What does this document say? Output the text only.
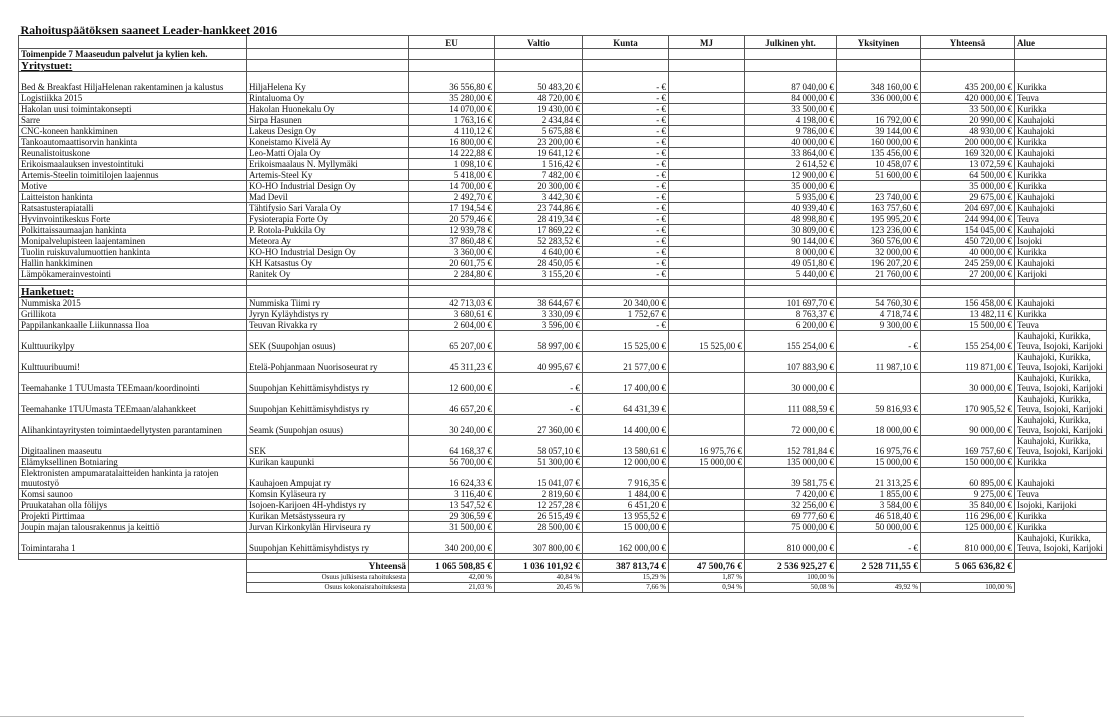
Rahoituspäätöksen saaneet Leader-hankkeet 2016									
		EU	Valtio	Kunta	MJ	Julkinen yht.	Yksityinen	Yhteensä	Alue
Toimenpide 7 Maaseudun palvelut ja kylien keh.									
Yritystuet:									
Bed & Breakfast HiljaHelenan rakentaminen ja kalustus	HiljaHelena Ky	36 556,80 €	50 483,20 €	- €		87 040,00 €	348 160,00 €	435 200,00 €	Kurikka
Logistiikka 2015	Rintaluoma Oy	35 280,00 €	48 720,00 €	- €		84 000,00 €	336 000,00 €	420 000,00 €	Teuva
Hakolan uusi toimintakonsepti	Hakolan Huonekalu Oy	14 070,00 €	19 430,00 €	- €		33 500,00 €		33 500,00 €	Kurikka
Sarre	Sirpa Hasunen	1 763,16 €	2 434,84 €	- €		4 198,00 €	16 792,00 €	20 990,00 €	Kauhajoki
CNC-koneen hankkiminen	Lakeus Design Oy	4 110,12 €	5 675,88 €	- €		9 786,00 €	39 144,00 €	48 930,00 €	Kauhajoki
Tankoautomaattisorvin hankinta	Koneistamo Kivelä Ay	16 800,00 €	23 200,00 €	- €		40 000,00 €	160 000,00 €	200 000,00 €	Kurikka
Reunalistoituskone	Leo-Matti Ojala Oy	14 222,88 €	19 641,12 €	- €		33 864,00 €	135 456,00 €	169 320,00 €	Kauhajoki
Erikoismaalauksen investointituki	Erikoismaalaus N. Myllymäki	1 098,10 €	1 516,42 €	- €		2 614,52 €	10 458,07 €	13 072,59 €	Kauhajoki
Artemis-Steelin toimitilojen laajennus	Artemis-Steel Ky	5 418,00 €	7 482,00 €	- €		12 900,00 €	51 600,00 €	64 500,00 €	Kurikka
Motive	KO-HO Industrial Design Oy	14 700,00 €	20 300,00 €	- €		35 000,00 €		35 000,00 €	Kurikka
Laitteiston hankinta	Mad Devil	2 492,70 €	3 442,30 €	- €		5 935,00 €	23 740,00 €	29 675,00 €	Kauhajoki
Ratsastusterapiatalli	Tähtifysio Sari Varala Oy	17 194,54 €	23 744,86 €	- €		40 939,40 €	163 757,60 €	204 697,00 €	Kauhajoki
Hyvinvointikeskus Forte	Fysioterapia Forte Oy	20 579,46 €	28 419,34 €	- €		48 998,80 €	195 995,20 €	244 994,00 €	Teuva
Polkittaissaumaajan hankinta	P. Rotola-Pukkila Oy	12 939,78 €	17 869,22 €	- €		30 809,00 €	123 236,00 €	154 045,00 €	Kauhajoki
Monipalvelupisteen laajentaminen	Meteora Ay	37 860,48 €	52 283,52 €	- €		90 144,00 €	360 576,00 €	450 720,00 €	Isojoki
Tuolin ruiskuvalumuottien hankinta	KO-HO Industrial Design Oy	3 360,00 €	4 640,00 €	- €		8 000,00 €	32 000,00 €	40 000,00 €	Kurikka
Hallin hankkiminen	KH Katsastus Oy	20 601,75 €	28 450,05 €	- €		49 051,80 €	196 207,20 €	245 259,00 €	Kauhajoki
Lämpökamerainvestointi	Ranitek Oy	2 284,80 €	3 155,20 €	- €		5 440,00 €	21 760,00 €	27 200,00 €	Karijoki

Hanketuet:									
Nummiska 2015	Nummiska Tiimi ry	42 713,03 €	38 644,67 €	20 340,00 €		101 697,70 €	54 760,30 €	156 458,00 €	Kauhajoki
Grillikota	Jyryn Kyläyhdistys ry	3 680,61 €	3 330,09 €	1 752,67 €		8 763,37 €	4 718,74 €	13 482,11 €	Kurikka
Pappilankankaalle Liikunnassa Iloa	Teuvan Rivakka ry	2 604,00 €	3 596,00 €	- €		6 200,00 €	9 300,00 €	15 500,00 €	Teuva
Kulttuurikylpy	SEK (Suupohjan osuus)	65 207,00 €	58 997,00 €	15 525,00 €	15 525,00 €	155 254,00 €	- €	155 254,00 €	Kauhajoki, Kurikka, Teuva, Isojoki, Karijoki
Kulttuuribuumi!	Etelä-Pohjanmaan Nuorisoseurat ry	45 311,23 €	40 995,67 €	21 577,00 €		107 883,90 €	11 987,10 €	119 871,00 €	Kauhajoki, Kurikka, Teuva, Isojoki, Karijoki
Teemahanke 1 TUUmasta TEEmaan/koordinointi	Suupohjan Kehittämisyhdistys ry	12 600,00 €	- €	17 400,00 €		30 000,00 €		30 000,00 €	Kauhajoki, Kurikka, Teuva, Isojoki, Karijoki
Teemahanke 1TUUmasta TEEmaan/alahankkeet	Suupohjan Kehittämisyhdistys ry	46 657,20 €	- €	64 431,39 €		111 088,59 €	59 816,93 €	170 905,52 €	Kauhajoki, Kurikka, Teuva, Isojoki, Karijoki
Alihankintayritysten toimintaedellytysten parantaminen	Seamk (Suupohjan osuus)	30 240,00 €	27 360,00 €	14 400,00 €		72 000,00 €	18 000,00 €	90 000,00 €	Kauhajoki, Kurikka, Teuva, Isojoki, Karijoki
Digitaalinen maaseutu	SEK	64 168,37 €	58 057,10 €	13 580,61 €	16 975,76 €	152 781,84 €	16 975,76 €	169 757,60 €	Kauhajoki, Kurikka, Teuva, Isojoki, Karijoki
Elämyksellinen Botniaring	Kurikan kaupunki	56 700,00 €	51 300,00 €	12 000,00 €	15 000,00 €	135 000,00 €	15 000,00 €	150 000,00 €	Kurikka
Elektronisten ampumaratalaitteiden hankinta ja ratojen muutostyö	Kauhajoen Ampujat ry	16 624,33 €	15 041,07 €	7 916,35 €		39 581,75 €	21 313,25 €	60 895,00 €	Kauhajoki
Komsi saunoo	Komsin Kyläseura ry	3 116,40 €	2 819,60 €	1 484,00 €		7 420,00 €	1 855,00 €	9 275,00 €	Teuva
Pruukatahan olla fölijys	Isojoen-Karijoen 4H-yhdistys ry	13 547,52 €	12 257,28 €	6 451,20 €		32 256,00 €	3 584,00 €	35 840,00 €	Isojoki, Karijoki
Projekti Pirttimaa	Kurikan Metsästysseura ry	29 306,59 €	26 515,49 €	13 955,52 €		69 777,60 €	46 518,40 €	116 296,00 €	Kurikka
Joupin majan talousrakennus ja keittiö	Jurvan Kirkonkylän Hirviseura ry	31 500,00 €	28 500,00 €	15 000,00 €		75 000,00 €	50 000,00 €	125 000,00 €	Kurikka
Toimintaraha 1	Suupohjan Kehittämisyhdistys ry	340 200,00 €	307 800,00 €	162 000,00 €		810 000,00 €	- €	810 000,00 €	Kauhajoki, Kurikka, Teuva, Isojoki, Karijoki

	Yhteensä	1 065 508,85 €	1 036 101,92 €	387 813,74 €	47 500,76 €	2 536 925,27 €	2 528 711,55 €	5 065 636,82 €	
	Osuus julkisesta rahoituksesta	42,00 %	40,84 %	15,29 %	1,87 %	100,00 %			
	Osuus kokonaisrahoituksesta	21,03 %	20,45 %	7,66 %	0,94 %	50,08 %	49,92 %	100,00 %	
